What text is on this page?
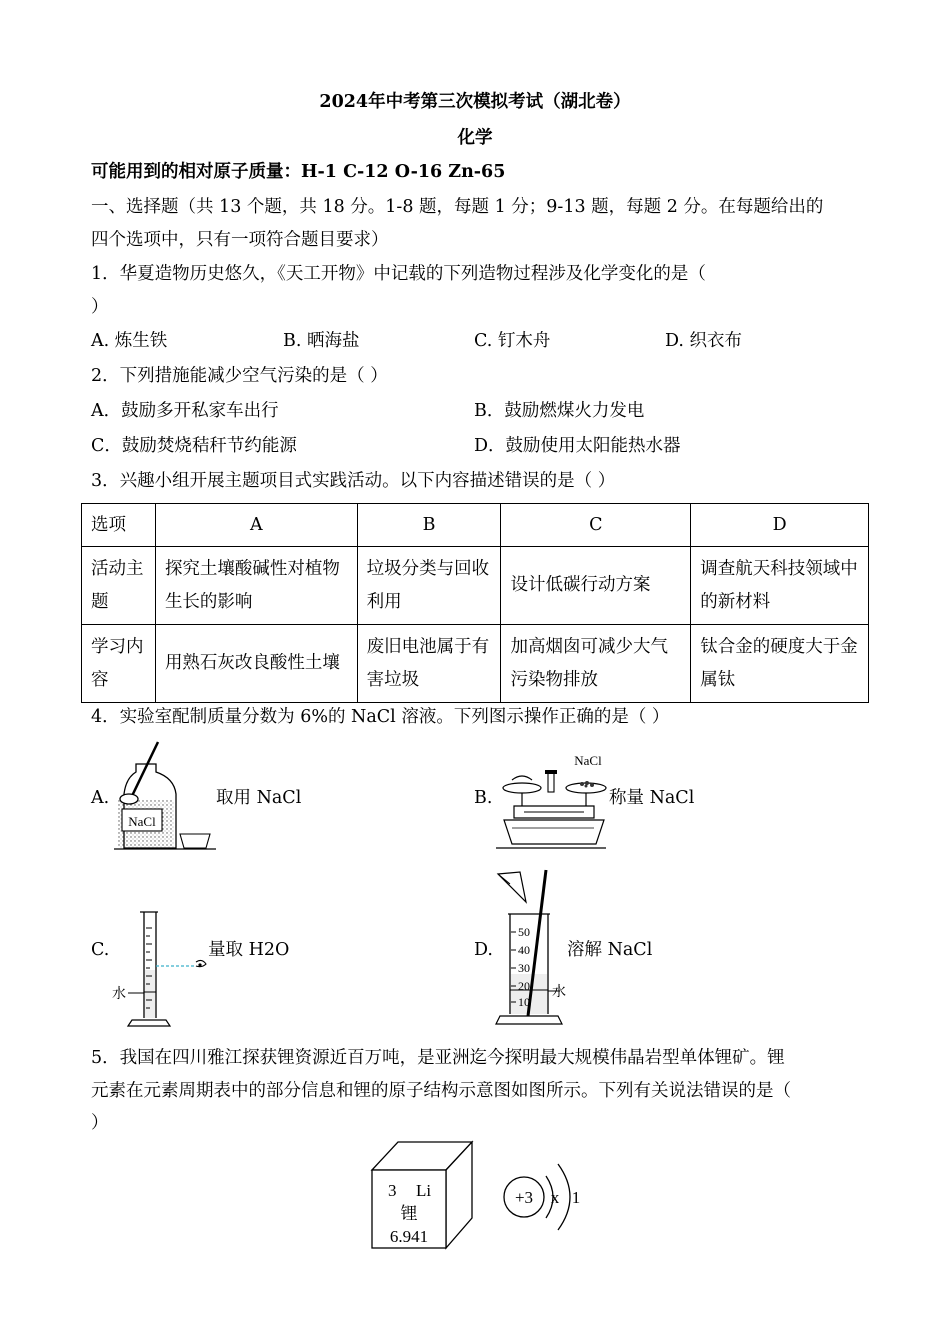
2024年中考第三次模拟考试（湖北卷）
化学
可能用到的相对原子质量：H-1 C-12 O-16 Zn-65
一、选择题（共 13 个题，共 18 分。1-8 题，每题 1 分；9-13 题，每题 2 分。在每题给出的
四个选项中，只有一项符合题目要求）
1．华夏造物历史悠久，《天工开物》中记载的下列造物过程涉及化学变化的是（
）
A. 炼生铁	B. 晒海盐	C. 钉木舟	D. 织衣布
2．下列措施能减少空气污染的是（ ）
A．鼓励多开私家车出行	B．鼓励燃煤火力发电
C．鼓励焚烧秸秆节约能源	D．鼓励使用太阳能热水器
3．兴趣小组开展主题项目式实践活动。以下内容描述错误的是（ ）
选项	A	B	C	D
活动主题	探究土壤酸碱性对植物生长的影响	垃圾分类与回收利用	设计低碳行动方案	调查航天科技领域中的新材料
学习内容	用熟石灰改良酸性土壤	废旧电池属于有害垃圾	加高烟囱可减少大气污染物排放	钛合金的硬度大于金属钛
4．实验室配制质量分数为 6%的 NaCl 溶液。下列图示操作正确的是（ ）
A.
NaCl
取用 NaCl	B.
NaCl
称量 NaCl
C.
水
量取 H2O	D.
50
40
30
20
10
水
溶解 NaCl
5．我国在四川雅江探获锂资源近百万吨，是亚洲迄今探明最大规模伟晶岩型单体锂矿。锂
元素在元素周期表中的部分信息和锂的原子结构示意图如图所示。下列有关说法错误的是（
）
3 Li
锂
6.941
+3 x 1
